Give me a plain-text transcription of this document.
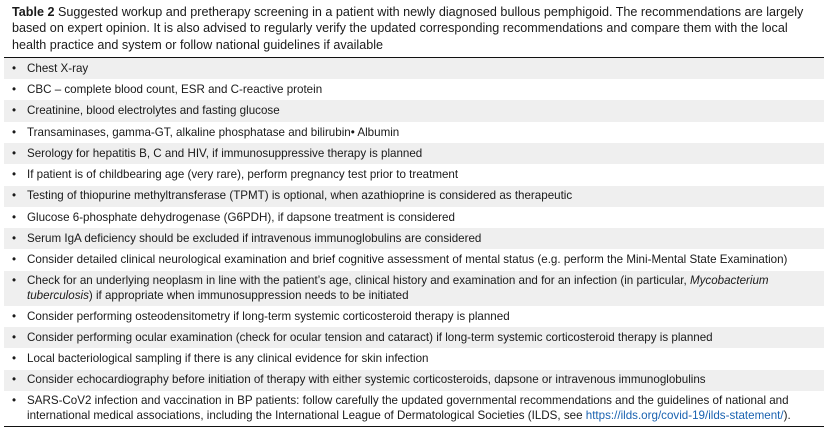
Table 2 Suggested workup and pretherapy screening in a patient with newly diagnosed bullous pemphigoid. The recommendations are largely based on expert opinion. It is also advised to regularly verify the updated corresponding recommendations and compare them with the local health practice and system or follow national guidelines if available

• Chest X-ray
• CBC – complete blood count, ESR and C-reactive protein
• Creatinine, blood electrolytes and fasting glucose
• Transaminases, gamma-GT, alkaline phosphatase and bilirubin• Albumin
• Serology for hepatitis B, C and HIV, if immunosuppressive therapy is planned
• If patient is of childbearing age (very rare), perform pregnancy test prior to treatment
• Testing of thiopurine methyltransferase (TPMT) is optional, when azathioprine is considered as therapeutic
• Glucose 6-phosphate dehydrogenase (G6PDH), if dapsone treatment is considered
• Serum IgA deficiency should be excluded if intravenous immunoglobulins are considered
• Consider detailed clinical neurological examination and brief cognitive assessment of mental status (e.g. perform the Mini-Mental State Examination)
• Check for an underlying neoplasm in line with the patient’s age, clinical history and examination and for an infection (in particular, Mycobacterium tuberculosis) if appropriate when immunosuppression needs to be initiated
• Consider performing osteodensitometry if long-term systemic corticosteroid therapy is planned
• Consider performing ocular examination (check for ocular tension and cataract) if long-term systemic corticosteroid therapy is planned
• Local bacteriological sampling if there is any clinical evidence for skin infection
• Consider echocardiography before initiation of therapy with either systemic corticosteroids, dapsone or intravenous immunoglobulins
• SARS-CoV2 infection and vaccination in BP patients: follow carefully the updated governmental recommendations and the guidelines of national and international medical associations, including the International League of Dermatological Societies (ILDS, see https://ilds.org/covid-19/ilds-statement/).
